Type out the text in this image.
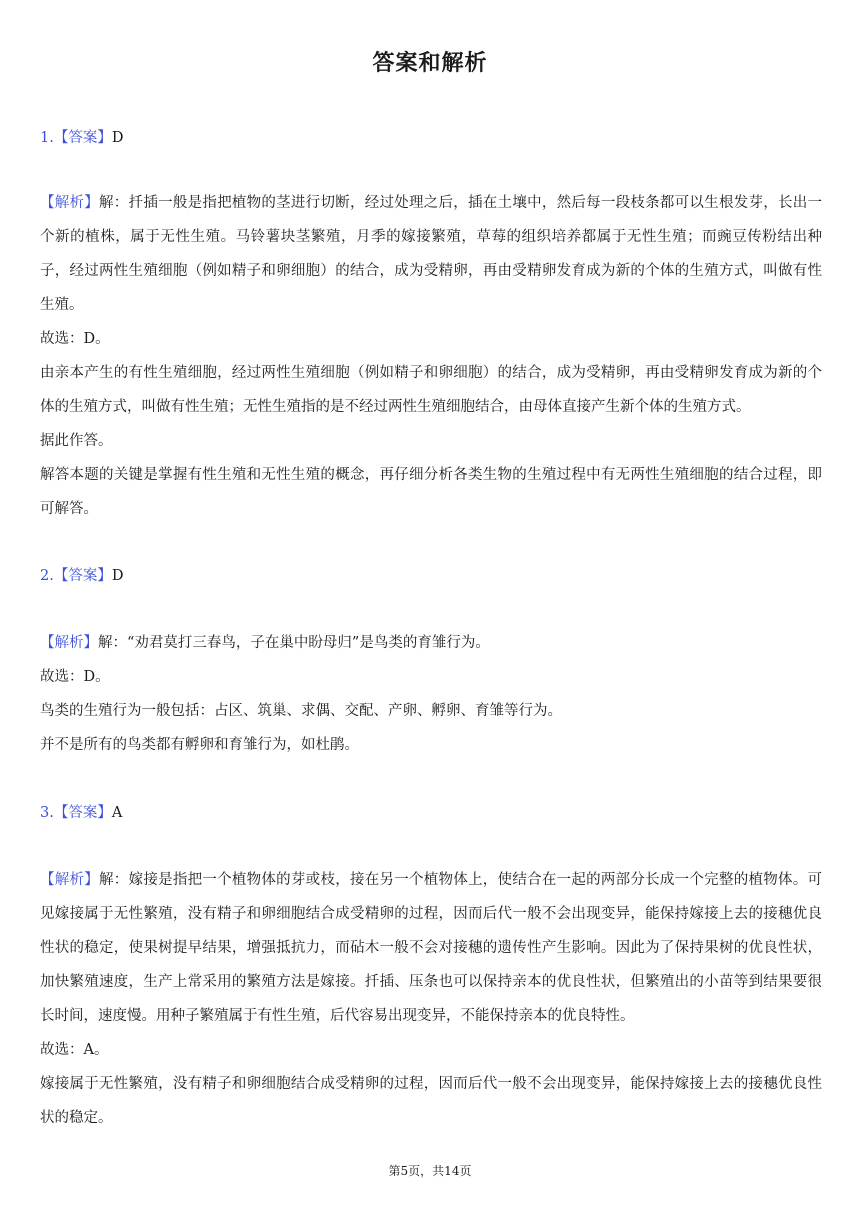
答案和解析
1.【答案】D

【解析】解：扦插一般是指把植物的茎进行切断，经过处理之后，插在土壤中，然后每一段枝条都可以生根发芽，长出一个新的植株，属于无性生殖。马铃薯块茎繁殖，月季的嫁接繁殖，草莓的组织培养都属于无性生殖；而豌豆传粉结出种子，经过两性生殖细胞（例如精子和卵细胞）的结合，成为受精卵，再由受精卵发育成为新的个体的生殖方式，叫做有性生殖。

故选：D。

由亲本产生的有性生殖细胞，经过两性生殖细胞（例如精子和卵细胞）的结合，成为受精卵，再由受精卵发育成为新的个体的生殖方式，叫做有性生殖；无性生殖指的是不经过两性生殖细胞结合，由母体直接产生新个体的生殖方式。

据此作答。

解答本题的关键是掌握有性生殖和无性生殖的概念，再仔细分析各类生物的生殖过程中有无两性生殖细胞的结合过程，即可解答。

2.【答案】D

【解析】解：“劝君莫打三春鸟，子在巢中盼母归”是鸟类的育雏行为。

故选：D。

鸟类的生殖行为一般包括：占区、筑巢、求偶、交配、产卵、孵卵、育雏等行为。

并不是所有的鸟类都有孵卵和育雏行为，如杜鹃。

3.【答案】A

【解析】解：嫁接是指把一个植物体的芽或枝，接在另一个植物体上，使结合在一起的两部分长成一个完整的植物体。可见嫁接属于无性繁殖，没有精子和卵细胞结合成受精卵的过程，因而后代一般不会出现变异，能保持嫁接上去的接穗优良性状的稳定，使果树提早结果，增强抵抗力，而砧木一般不会对接穗的遗传性产生影响。因此为了保持果树的优良性状，加快繁殖速度，生产上常采用的繁殖方法是嫁接。扦插、压条也可以保持亲本的优良性状，但繁殖出的小苗等到结果要很长时间，速度慢。用种子繁殖属于有性生殖，后代容易出现变异，不能保持亲本的优良特性。

故选：A。

嫁接属于无性繁殖，没有精子和卵细胞结合成受精卵的过程，因而后代一般不会出现变异，能保持嫁接上去的接穗优良性状的稳定。

第5页，共14页
